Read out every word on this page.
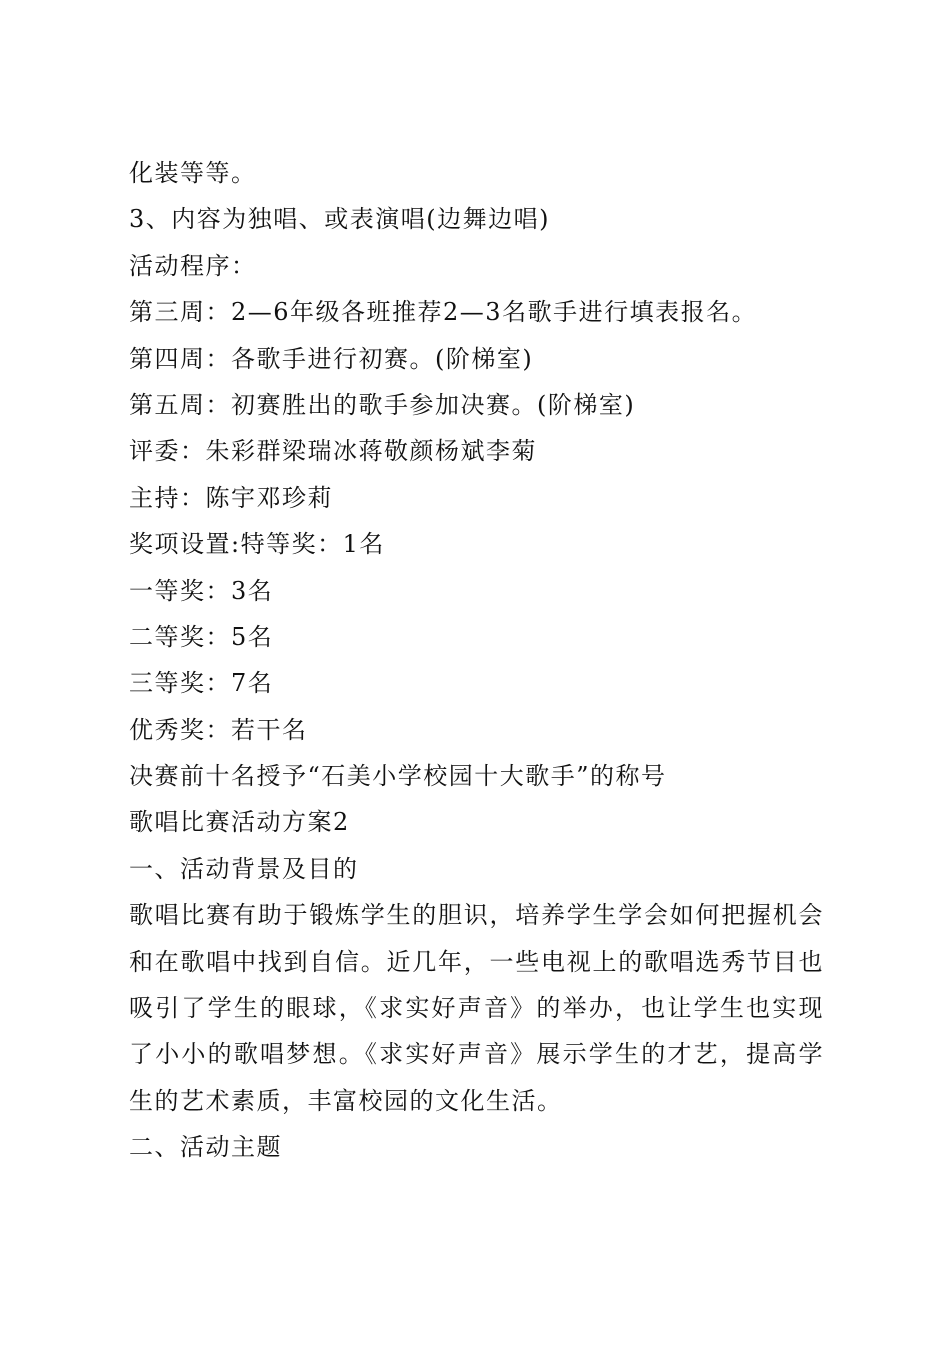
化装等等。
3、内容为独唱、或表演唱(边舞边唱)
活动程序：
第三周：2—6年级各班推荐2—3名歌手进行填表报名。
第四周：各歌手进行初赛。(阶梯室)
第五周：初赛胜出的歌手参加决赛。(阶梯室)
评委：朱彩群梁瑞冰蒋敬颜杨斌李菊
主持：陈宇邓珍莉
奖项设置:特等奖：1名
一等奖：3名
二等奖：5名
三等奖：7名
优秀奖：若干名
决赛前十名授予“石美小学校园十大歌手”的称号
歌唱比赛活动方案2
一、活动背景及目的
歌唱比赛有助于锻炼学生的胆识，培养学生学会如何把握机会
和在歌唱中找到自信。近几年，一些电视上的歌唱选秀节目也
吸引了学生的眼球，《求实好声音》的举办，也让学生也实现
了小小的歌唱梦想。《求实好声音》展示学生的才艺，提高学
生的艺术素质，丰富校园的文化生活。
二、活动主题
